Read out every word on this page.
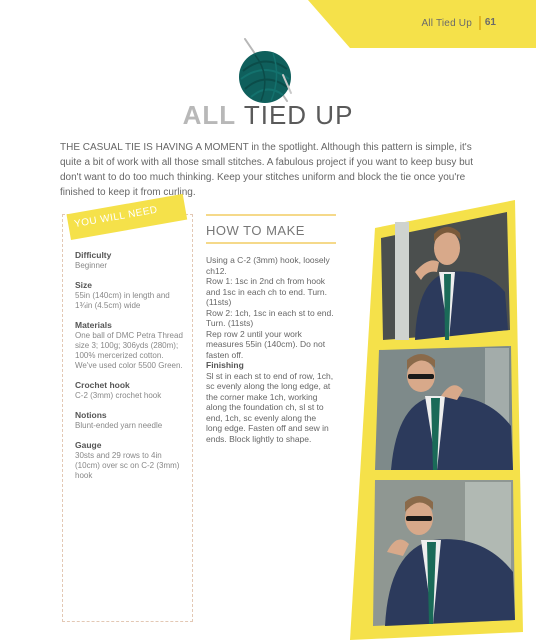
All Tied Up 61
ALL TIED UP
THE CASUAL TIE IS HAVING A MOMENT in the spotlight. Although this pattern is simple, it's quite a bit of work with all those small stitches. A fabulous project if you want to keep busy but don't want to do too much thinking. Keep your stitches uniform and block the tie once you're finished to keep it from curling.
YOU WILL NEED
Difficulty
Beginner
Size
55in (140cm) in length and 1¾in (4.5cm) wide
Materials
One ball of DMC Petra Thread size 3; 100g; 306yds (280m); 100% mercerized cotton. We've used color 5500 Green.
Crochet hook
C-2 (3mm) crochet hook
Notions
Blunt-ended yarn needle
Gauge
30sts and 29 rows to 4in (10cm) over sc on C-2 (3mm) hook
HOW TO MAKE

Using a C-2 (3mm) hook, loosely ch12.

Row 1: 1sc in 2nd ch from hook and 1sc in each ch to end. Turn. (11sts)

Row 2: 1ch, 1sc in each st to end. Turn. (11sts)

Rep row 2 until your work measures 55in (140cm). Do not fasten off.

Finishing

Sl st in each st to end of row, 1ch, sc evenly along the long edge, at the corner make 1ch, working along the foundation ch, sl st to end, 1ch, sc evenly along the long edge. Fasten off and sew in ends. Block lightly to shape.
